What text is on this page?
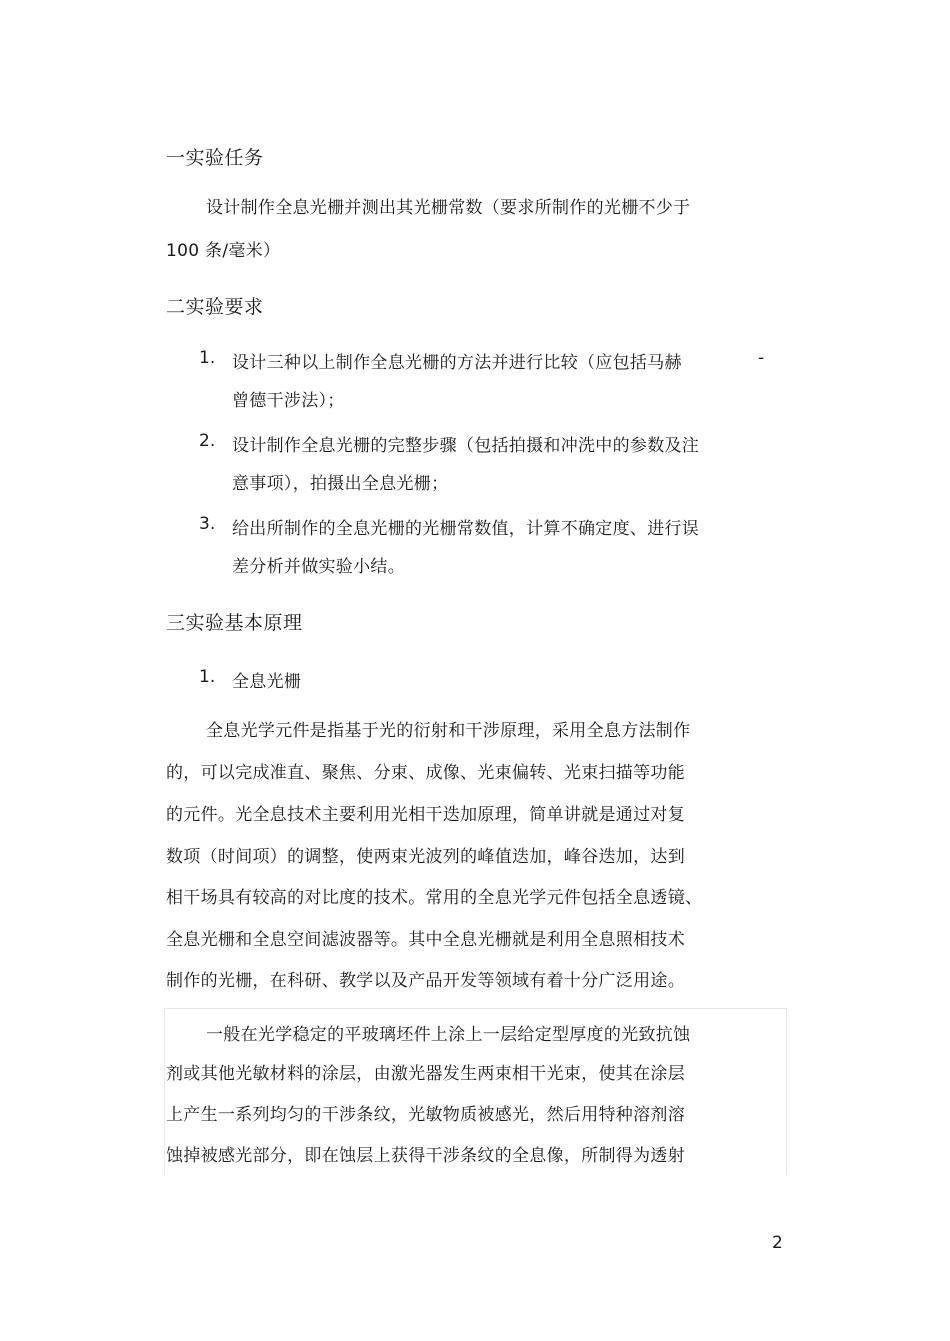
一实验任务
设计制作全息光栅并测出其光栅常数（要求所制作的光栅不少于
100 条/毫米）
二实验要求
1. 设计三种以上制作全息光栅的方法并进行比较（应包括马赫	-
曾德干涉法）；
2. 设计制作全息光栅的完整步骤（包括拍摄和冲洗中的参数及注
意事项），拍摄出全息光栅；
3. 给出所制作的全息光栅的光栅常数值，计算不确定度、进行误
差分析并做实验小结。
三实验基本原理
1. 全息光栅
全息光学元件是指基于光的衍射和干涉原理，采用全息方法制作
的，可以完成准直、聚焦、分束、成像、光束偏转、光束扫描等功能
的元件。光全息技术主要利用光相干迭加原理，简单讲就是通过对复
数项（时间项）的调整，使两束光波列的峰值迭加，峰谷迭加，达到
相干场具有较高的对比度的技术。常用的全息光学元件包括全息透镜、
全息光栅和全息空间滤波器等。其中全息光栅就是利用全息照相技术
制作的光栅，在科研、教学以及产品开发等领域有着十分广泛用途。
一般在光学稳定的平玻璃坯件上涂上一层给定型厚度的光致抗蚀
剂或其他光敏材料的涂层，由激光器发生两束相干光束，使其在涂层
上产生一系列均匀的干涉条纹，光敏物质被感光，然后用特种溶剂溶
蚀掉被感光部分，即在蚀层上获得干涉条纹的全息像，所制得为透射
2
